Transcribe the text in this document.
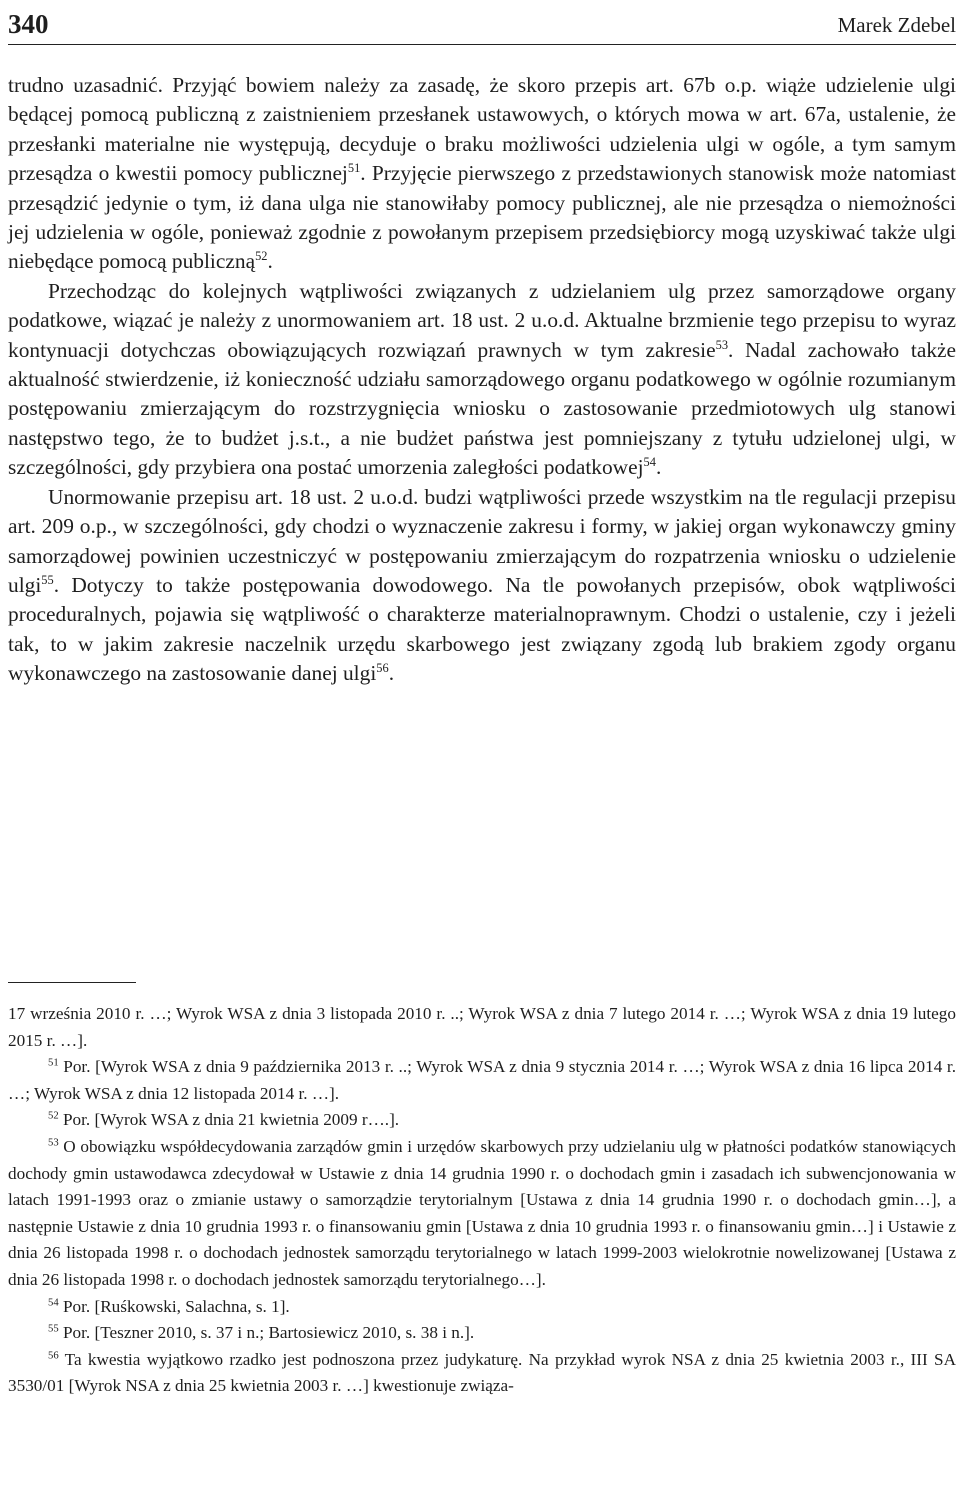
340	Marek Zdebel

trudno uzasadnić. Przyjąć bowiem należy za zasadę, że skoro przepis art. 67b o.p. wiąże udzielenie ulgi będącej pomocą publiczną z zaistnieniem przesłanek ustawowych, o których mowa w art. 67a, ustalenie, że przesłanki materialne nie występują, decyduje o braku możliwości udzielenia ulgi w ogóle, a tym samym przesądza o kwestii pomocy publicznej$^{51}$. Przyjęcie pierwszego z przedstawionych stanowisk może natomiast przesądzić jedynie o tym, iż dana ulga nie stanowiłaby pomocy publicznej, ale nie przesądza o niemożności jej udzielenia w ogóle, ponieważ zgodnie z powołanym przepisem przedsiębiorcy mogą uzyskiwać także ulgi niebędące pomocą publiczną$^{52}$.

Przechodząc do kolejnych wątpliwości związanych z udzielaniem ulg przez samorządowe organy podatkowe, wiązać je należy z unormowaniem art. 18 ust. 2 u.o.d. Aktualne brzmienie tego przepisu to wyraz kontynuacji dotychczas obowiązujących rozwiązań prawnych w tym zakresie$^{53}$. Nadal zachowało także aktualność stwierdzenie, iż konieczność udziału samorządowego organu podatkowego w ogólnie rozumianym postępowaniu zmierzającym do rozstrzygnięcia wniosku o zastosowanie przedmiotowych ulg stanowi następstwo tego, że to budżet j.s.t., a nie budżet państwa jest pomniejszany z tytułu udzielonej ulgi, w szczególności, gdy przybiera ona postać umorzenia zaległości podatkowej$^{54}$.

Unormowanie przepisu art. 18 ust. 2 u.o.d. budzi wątpliwości przede wszystkim na tle regulacji przepisu art. 209 o.p., w szczególności, gdy chodzi o wyznaczenie zakresu i formy, w jakiej organ wykonawczy gminy samorządowej powinien uczestniczyć w postępowaniu zmierzającym do rozpatrzenia wniosku o udzielenie ulgi$^{55}$. Dotyczy to także postępowania dowodowego. Na tle powołanych przepisów, obok wątpliwości proceduralnych, pojawia się wątpliwość o charakterze materialnoprawnym. Chodzi o ustalenie, czy i jeżeli tak, to w jakim zakresie naczelnik urzędu skarbowego jest związany zgodą lub brakiem zgody organu wykonawczego na zastosowanie danej ulgi$^{56}$.

17 września 2010 r. …; Wyrok WSA z dnia 3 listopada 2010 r. ..; Wyrok WSA z dnia 7 lutego 2014 r. …; Wyrok WSA z dnia 19 lutego 2015 r. …].

$^{51}$ Por. [Wyrok WSA z dnia 9 października 2013 r. ..; Wyrok WSA z dnia 9 stycznia 2014 r. …; Wyrok WSA z dnia 16 lipca 2014 r. …; Wyrok WSA z dnia 12 listopada 2014 r. …].

$^{52}$ Por. [Wyrok WSA z dnia 21 kwietnia 2009 r….].

$^{53}$ O obowiązku współdecydowania zarządów gmin i urzędów skarbowych przy udzielaniu ulg w płatności podatków stanowiących dochody gmin ustawodawca zdecydował w Ustawie z dnia 14 grudnia 1990 r. o dochodach gmin i zasadach ich subwencjonowania w latach 1991-1993 oraz o zmianie ustawy o samorządzie terytorialnym [Ustawa z dnia 14 grudnia 1990 r. o dochodach gmin…], a następnie Ustawie z dnia 10 grudnia 1993 r. o finansowaniu gmin [Ustawa z dnia 10 grudnia 1993 r. o finansowaniu gmin…] i Ustawie z dnia 26 listopada 1998 r. o dochodach jednostek samorządu terytorialnego w latach 1999-2003 wielokrotnie nowelizowanej [Ustawa z dnia 26 listopada 1998 r. o dochodach jednostek samorządu terytorialnego…].

$^{54}$ Por. [Ruśkowski, Salachna, s. 1].

$^{55}$ Por. [Teszner 2010, s. 37 i n.; Bartosiewicz 2010, s. 38 i n.].

$^{56}$ Ta kwestia wyjątkowo rzadko jest podnoszona przez judykaturę. Na przykład wyrok NSA z dnia 25 kwietnia 2003 r., III SA 3530/01 [Wyrok NSA z dnia 25 kwietnia 2003 r. …] kwestionuje związa-
